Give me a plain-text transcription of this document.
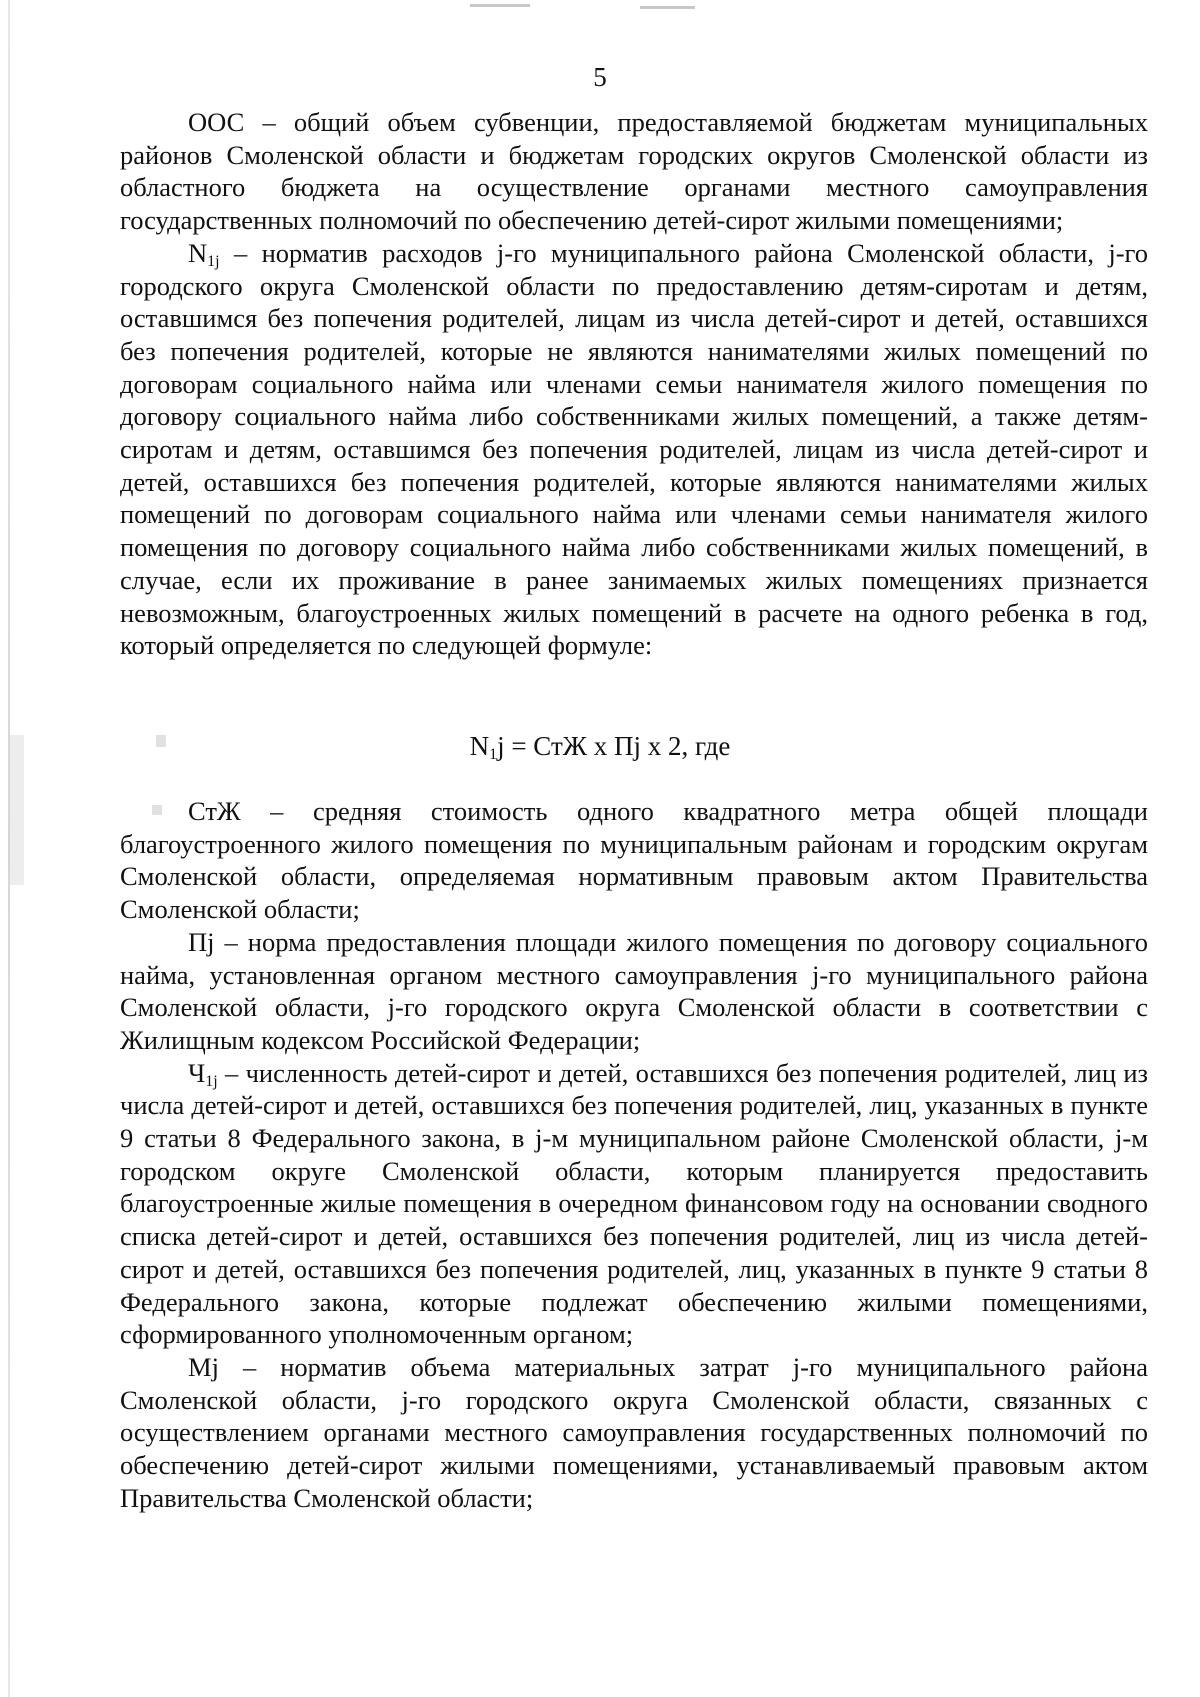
5

ООС – общий объем субвенции, предоставляемой бюджетам муниципальных районов Смоленской области и бюджетам городских округов Смоленской области из областного бюджета на осуществление органами местного самоуправления государственных полномочий по обеспечению детей-сирот жилыми помещениями;

$N_{1j}$ – норматив расходов j-го муниципального района Смоленской области, j-го городского округа Смоленской области по предоставлению детям-сиротам и детям, оставшимся без попечения родителей, лицам из числа детей-сирот и детей, оставшихся без попечения родителей, которые не являются нанимателями жилых помещений по договорам социального найма или членами семьи нанимателя жилого помещения по договору социального найма либо собственниками жилых помещений, а также детям-сиротам и детям, оставшимся без попечения родителей, лицам из числа детей-сирот и детей, оставшихся без попечения родителей, которые являются нанимателями жилых помещений по договорам социального найма или членами семьи нанимателя жилого помещения по договору социального найма либо собственниками жилых помещений, в случае, если их проживание в ранее занимаемых жилых помещениях признается невозможным, благоустроенных жилых помещений в расчете на одного ребенка в год, который определяется по следующей формуле:

$N_1j$ = СтЖ x Пj x 2, где

СтЖ – средняя стоимость одного квадратного метра общей площади благоустроенного жилого помещения по муниципальным районам и городским округам Смоленской области, определяемая нормативным правовым актом Правительства Смоленской области;

Пj – норма предоставления площади жилого помещения по договору социального найма, установленная органом местного самоуправления j-го муниципального района Смоленской области, j-го городского округа Смоленской области в соответствии с Жилищным кодексом Российской Федерации;

$Ч_{1j}$ – численность детей-сирот и детей, оставшихся без попечения родителей, лиц из числа детей-сирот и детей, оставшихся без попечения родителей, лиц, указанных в пункте 9 статьи 8 Федерального закона, в j-м муниципальном районе Смоленской области, j-м городском округе Смоленской области, которым планируется предоставить благоустроенные жилые помещения в очередном финансовом году на основании сводного списка детей-сирот и детей, оставшихся без попечения родителей, лиц из числа детей-сирот и детей, оставшихся без попечения родителей, лиц, указанных в пункте 9 статьи 8 Федерального закона, которые подлежат обеспечению жилыми помещениями, сформированного уполномоченным органом;

Мj – норматив объема материальных затрат j-го муниципального района Смоленской области, j-го городского округа Смоленской области, связанных с осуществлением органами местного самоуправления государственных полномочий по обеспечению детей-сирот жилыми помещениями, устанавливаемый правовым актом Правительства Смоленской области;
